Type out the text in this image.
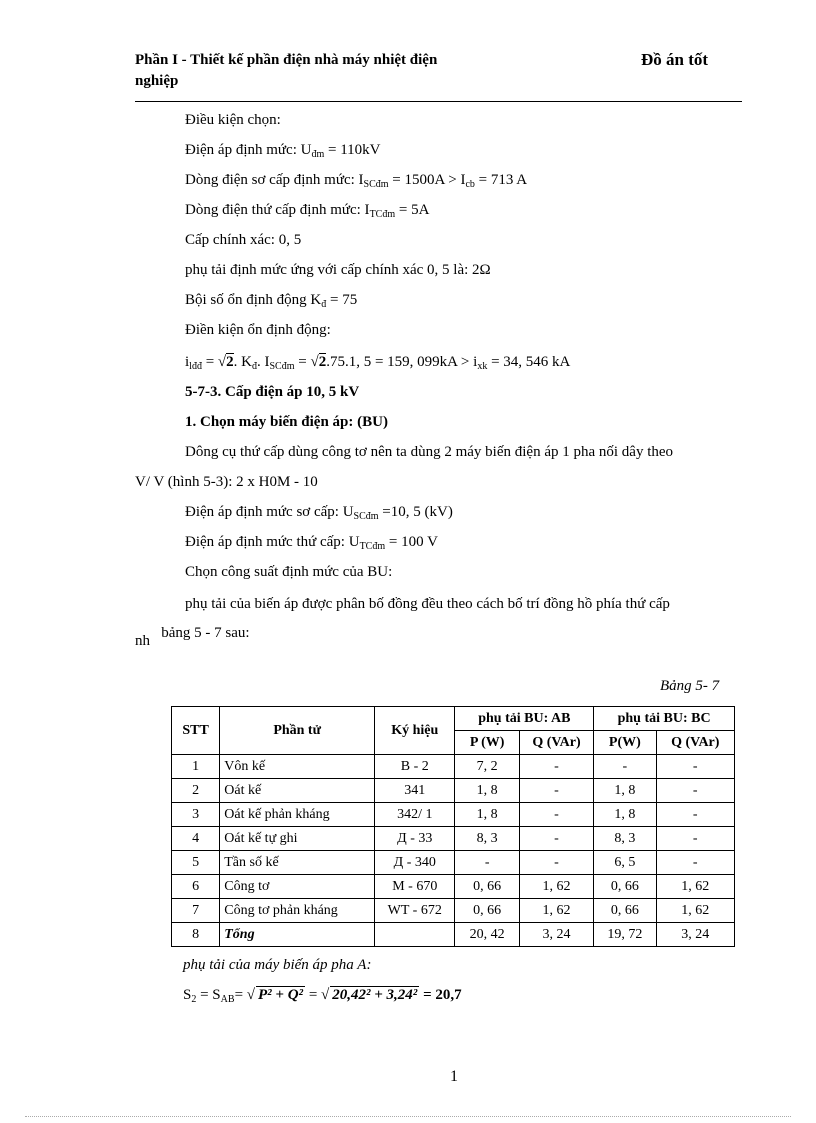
Phần I - Thiết kế phần điện nhà máy nhiệt điện
nghiệp
Đồ án tốt
Điều kiện chọn:
Điện áp định mức: $U_{đm} = 110kV$
Dòng điện sơ cấp định mức: $I_{SCđm} = 1500A > I_{cb} = 713$ A
Dòng điện thứ cấp định mức: $I_{TCđm} = 5A$
Cấp chính xác: 0, 5
phụ tải định mức ứng với cấp chính xác 0, 5 là: 2Ω
Bội số ổn định động $K_đ = 75$
Điền kiện ổn định động:
$i_{lđđ} = √2$. $K_đ$. $I_{SCđm} = √2.75.1$, 5 = 159, $099kA > i_{xk} = 34$, 546 kA
5-7-3. Cấp điện áp 10, 5 kV
1. Chọn máy biến điện áp: (BU)
Dông cụ thứ cấp dùng công tơ nên ta dùng 2 máy biến điện áp 1 pha nối dây theo
V/ V (hình 5-3): 2 x H0M - 10
Điện áp định mức sơ cấp: $U_{SCđm} =10$, 5 (kV)
Điện áp định mức thứ cấp: $U_{TCđm} = 100$ V
Chọn công suất định mức của BU:
phụ tải của biến áp được phân bố đồng đều theo cách bố trí đồng hồ phía thứ cấp
nh bảng 5 - 7 sau:
Bảng 5- 7
STT	Phần tử	Ký hiệu	phụ tải BU: AB		phụ tải BU: BC	
			P (W)	Q (VAr)	P(W)	Q (VAr)
1	Vôn kế	B - 2	7, 2	-	-	-
2	Oát kế	341	1, 8	-	1, 8	-
3	Oát kế phản kháng	342/ 1	1, 8	-	1, 8	-
4	Oát kế tự ghi	Д - 33	8, 3	-	8, 3	-
5	Tần số kế	Д - 340	-	-	6, 5	-
6	Công tơ	M - 670	0, 66	1, 62	0, 66	1, 62
7	Công tơ phản kháng	WT - 672	0, 66	1, 62	0, 66	1, 62
8	Tổng		20, 42	3, 24	19, 72	3, 24
phụ tải của máy biến áp pha A:
$S_2 = S_{AB}=$ √ P² + Q² = √ 20,42² + 3,24² = 20,7
1
